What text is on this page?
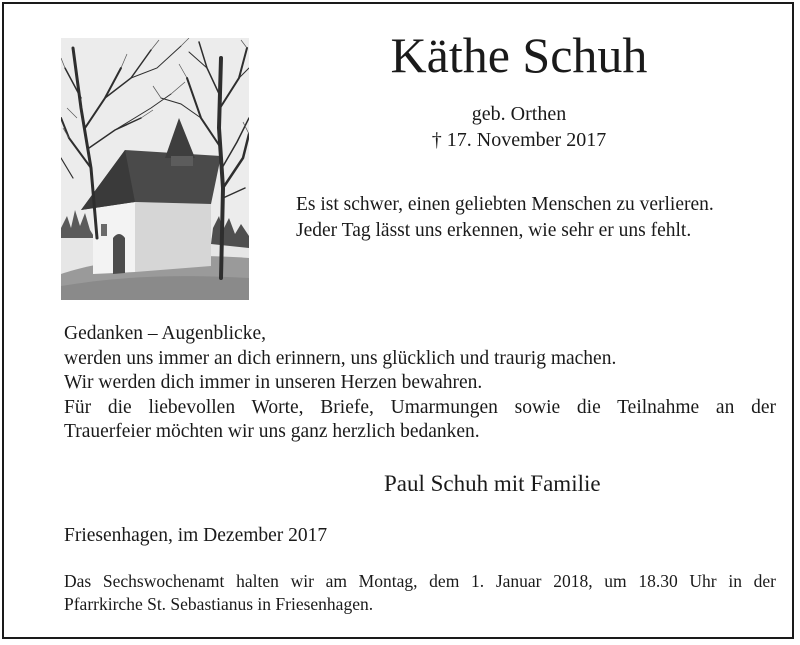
Käthe Schuh
geb. Orthen
† 17. November 2017
Es ist schwer, einen geliebten Menschen zu verlieren.
Jeder Tag lässt uns erkennen, wie sehr er uns fehlt.
Gedanken – Augenblicke,
werden uns immer an dich erinnern, uns glücklich und traurig machen.
Wir werden dich immer in unseren Herzen bewahren.
Für die liebevollen Worte, Briefe, Umarmungen sowie die Teilnahme an der
Trauerfeier möchten wir uns ganz herzlich bedanken.
Paul Schuh mit Familie
Friesenhagen, im Dezember 2017
Das Sechswochenamt halten wir am Montag, dem 1. Januar 2018, um 18.30 Uhr in der
Pfarrkirche St. Sebastianus in Friesenhagen.
